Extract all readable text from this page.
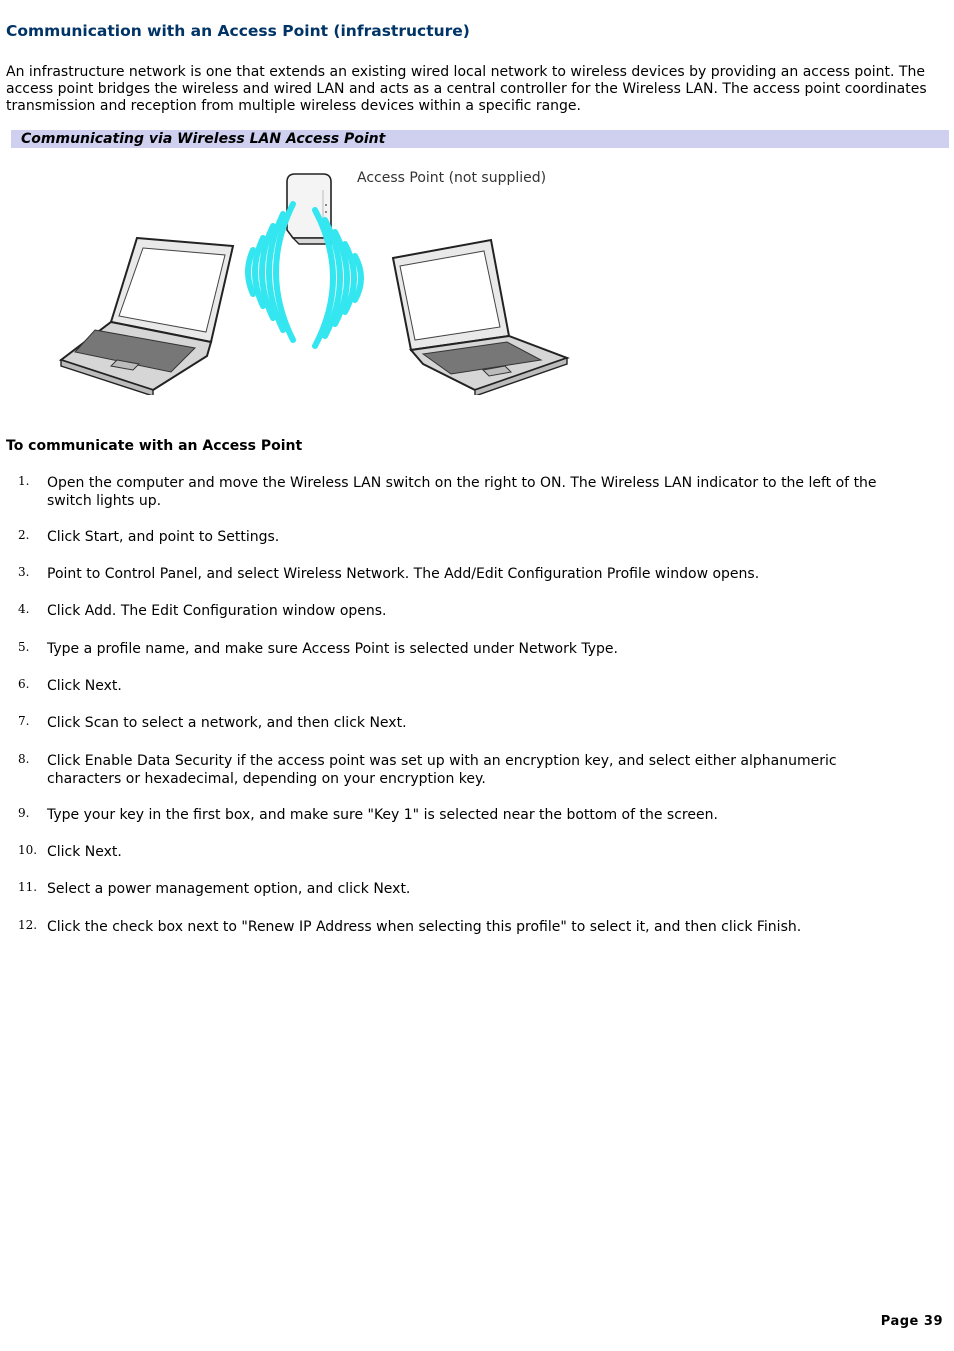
Communication with an Access Point (infrastructure)

An infrastructure network is one that extends an existing wired local network to wireless devices by providing an access point. The access point bridges the wireless and wired LAN and acts as a central controller for the Wireless LAN. The access point coordinates transmission and reception from multiple wireless devices within a specific range.

Communicating via Wireless LAN Access Point
Access Point (not supplied)
To communicate with an Access Point
1. Open the computer and move the Wireless LAN switch on the right to ON. The Wireless LAN indicator to the left of the switch lights up.
2. Click Start, and point to Settings.
3. Point to Control Panel, and select Wireless Network. The Add/Edit Configuration Profile window opens.
4. Click Add. The Edit Configuration window opens.
5. Type a profile name, and make sure Access Point is selected under Network Type.
6. Click Next.
7. Click Scan to select a network, and then click Next.
8. Click Enable Data Security if the access point was set up with an encryption key, and select either alphanumeric characters or hexadecimal, depending on your encryption key.
9. Type your key in the first box, and make sure "Key 1" is selected near the bottom of the screen.
10. Click Next.
11. Select a power management option, and click Next.
12. Click the check box next to "Renew IP Address when selecting this profile" to select it, and then click Finish.
Page 39
